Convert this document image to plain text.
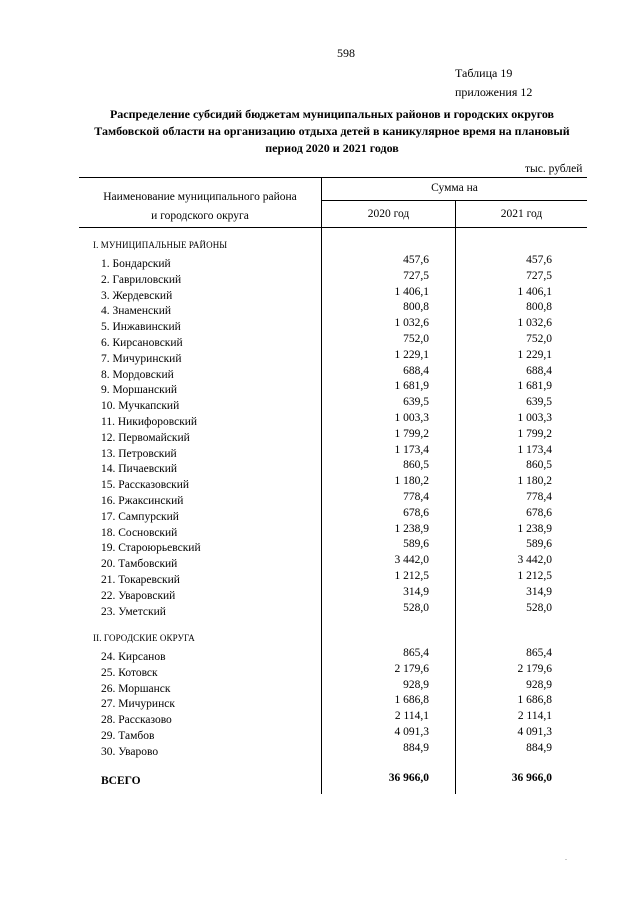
598
Таблица 19
приложения 12
Распределение субсидий бюджетам муниципальных районов и городских округов
Тамбовской области на организацию отдыха детей в каникулярное время на плановый
период 2020 и 2021 годов
тыс. рублей
Наименование муниципального района
и городского округа
Сумма на
2020 год	2021 год
I. МУНИЦИПАЛЬНЫЕ РАЙОНЫ
1. Бондарский	457,6	457,6
2. Гавриловский	727,5	727,5
3. Жердевский	1 406,1	1 406,1
4. Знаменский	800,8	800,8
5. Инжавинский	1 032,6	1 032,6
6. Кирсановский	752,0	752,0
7. Мичуринский	1 229,1	1 229,1
8. Мордовский	688,4	688,4
9. Моршанский	1 681,9	1 681,9
10. Мучкапский	639,5	639,5
11. Никифоровский	1 003,3	1 003,3
12. Первомайский	1 799,2	1 799,2
13. Петровский	1 173,4	1 173,4
14. Пичаевский	860,5	860,5
15. Рассказовский	1 180,2	1 180,2
16. Ржаксинский	778,4	778,4
17. Сампурский	678,6	678,6
18. Сосновский	1 238,9	1 238,9
19. Староюрьевский	589,6	589,6
20. Тамбовский	3 442,0	3 442,0
21. Токаревский	1 212,5	1 212,5
22. Уваровский	314,9	314,9
23. Уметский	528,0	528,0
II. ГОРОДСКИЕ ОКРУГА
24. Кирсанов	865,4	865,4
25. Котовск	2 179,6	2 179,6
26. Моршанск	928,9	928,9
27. Мичуринск	1 686,8	1 686,8
28. Рассказово	2 114,1	2 114,1
29. Тамбов	4 091,3	4 091,3
30. Уварово	884,9	884,9
ВСЕГО	36 966,0	36 966,0
.
